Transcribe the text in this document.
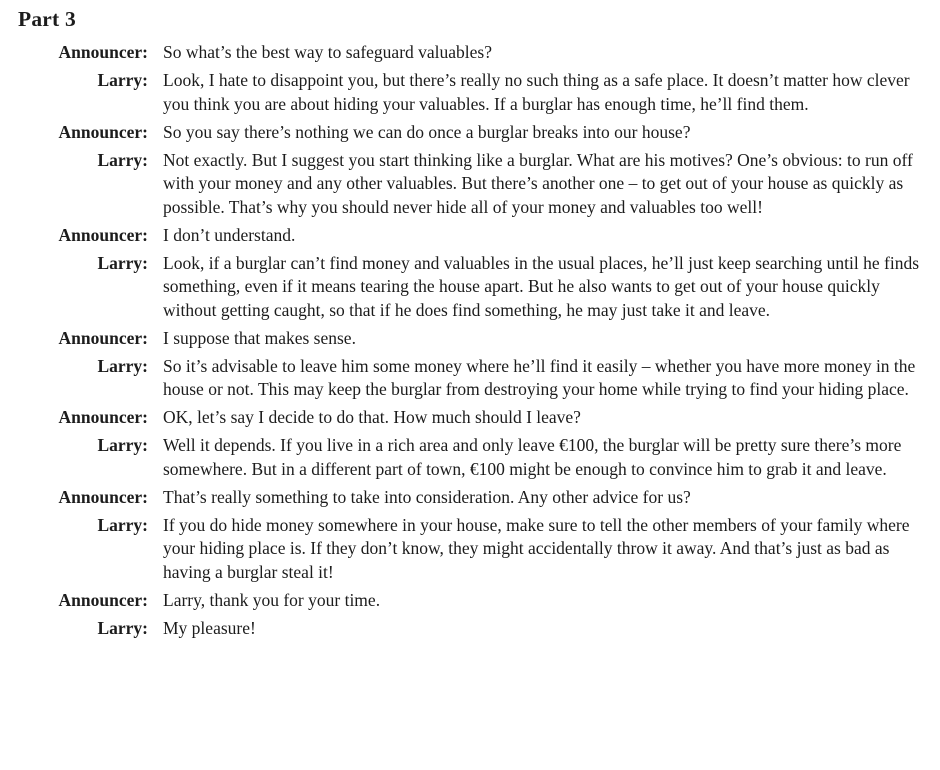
Part 3
Announcer: So what’s the best way to safeguard valuables?
Larry: Look, I hate to disappoint you, but there’s really no such thing as a safe place. It doesn’t matter how clever you think you are about hiding your valuables. If a burglar has enough time, he’ll find them.
Announcer: So you say there’s nothing we can do once a burglar breaks into our house?
Larry: Not exactly. But I suggest you start thinking like a burglar. What are his motives? One’s obvious: to run off with your money and any other valuables. But there’s another one – to get out of your house as quickly as possible. That’s why you should never hide all of your money and valuables too well!
Announcer: I don’t understand.
Larry: Look, if a burglar can’t find money and valuables in the usual places, he’ll just keep searching until he finds something, even if it means tearing the house apart. But he also wants to get out of your house quickly without getting caught, so that if he does find something, he may just take it and leave.
Announcer: I suppose that makes sense.
Larry: So it’s advisable to leave him some money where he’ll find it easily – whether you have more money in the house or not. This may keep the burglar from destroying your home while trying to find your hiding place.
Announcer: OK, let’s say I decide to do that. How much should I leave?
Larry: Well it depends. If you live in a rich area and only leave €100, the burglar will be pretty sure there’s more somewhere. But in a different part of town, €100 might be enough to convince him to grab it and leave.
Announcer: That’s really something to take into consideration. Any other advice for us?
Larry: If you do hide money somewhere in your house, make sure to tell the other members of your family where your hiding place is. If they don’t know, they might accidentally throw it away. And that’s just as bad as having a burglar steal it!
Announcer: Larry, thank you for your time.
Larry: My pleasure!
